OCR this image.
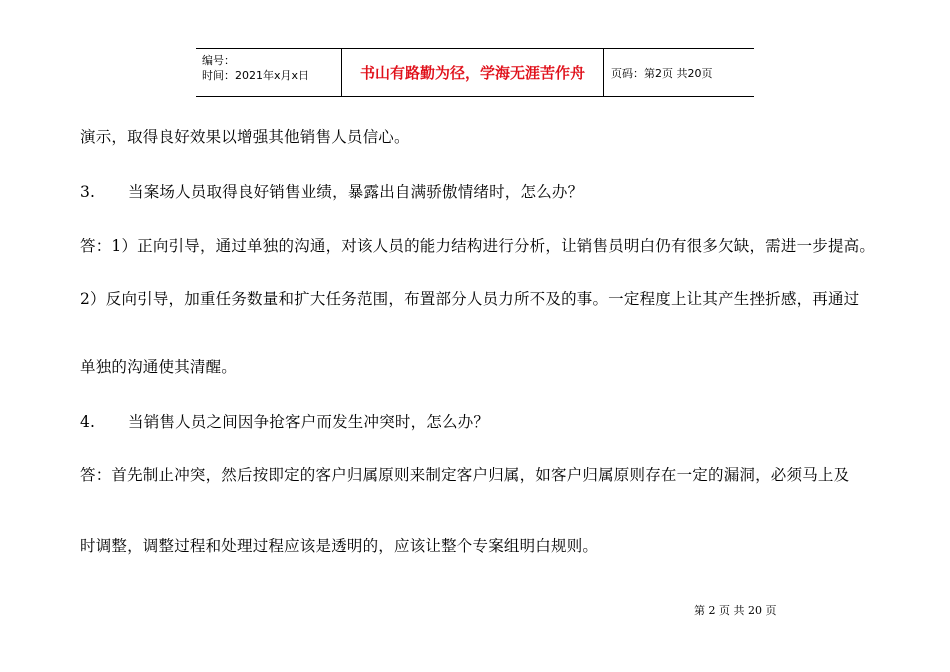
编号：
时间：2021年x月x日	书山有路勤为径，学海无涯苦作舟 页码：第2页 共20页
演示，取得良好效果以增强其他销售人员信心。
3. 当案场人员取得良好销售业绩，暴露出自满骄傲情绪时，怎么办？
答：1）正向引导，通过单独的沟通，对该人员的能力结构进行分析，让销售员明白仍有很多欠缺，需进一步提高。
2）反向引导，加重任务数量和扩大任务范围，布置部分人员力所不及的事。一定程度上让其产生挫折感，再通过
单独的沟通使其清醒。
4. 当销售人员之间因争抢客户而发生冲突时，怎么办？
答：首先制止冲突，然后按即定的客户归属原则来制定客户归属，如客户归属原则存在一定的漏洞，必须马上及
时调整，调整过程和处理过程应该是透明的，应该让整个专案组明白规则。
第 2 页 共 20 页
